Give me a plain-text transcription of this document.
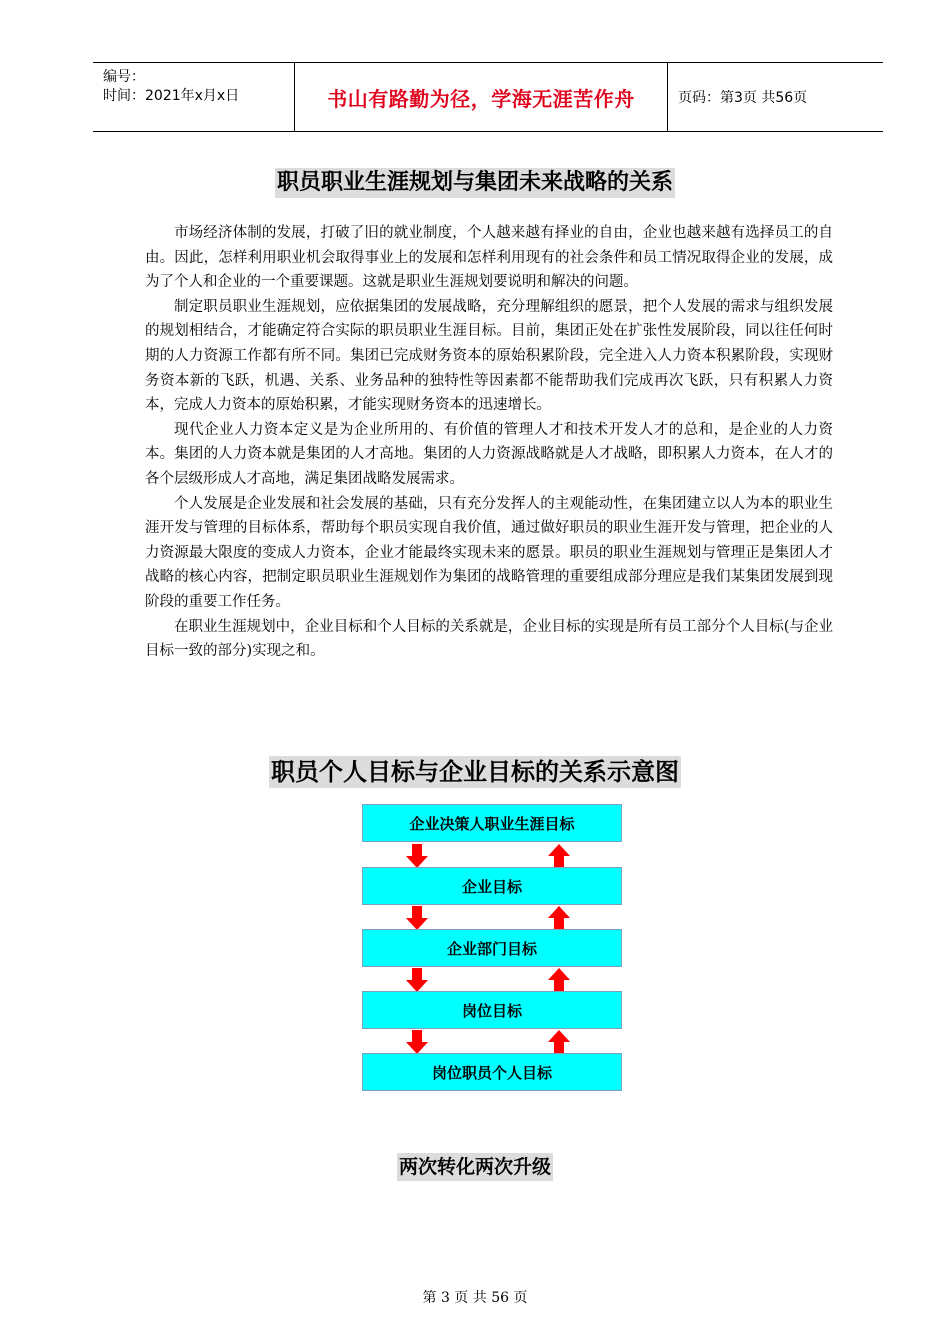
编号：
时间：2021年x月x日	书山有路勤为径，学海无涯苦作舟	页码：第3页 共56页
职员职业生涯规划与集团未来战略的关系

市场经济体制的发展，打破了旧的就业制度，个人越来越有择业的自由，企业也越来越有选择员工的自由。因此，怎样利用职业机会取得事业上的发展和怎样利用现有的社会条件和员工情况取得企业的发展，成为了个人和企业的一个重要课题。这就是职业生涯规划要说明和解决的问题。

制定职员职业生涯规划，应依据集团的发展战略，充分理解组织的愿景，把个人发展的需求与组织发展的规划相结合，才能确定符合实际的职员职业生涯目标。目前，集团正处在扩张性发展阶段，同以往任何时期的人力资源工作都有所不同。集团已完成财务资本的原始积累阶段，完全进入人力资本积累阶段，实现财务资本新的飞跃，机遇、关系、业务品种的独特性等因素都不能帮助我们完成再次飞跃，只有积累人力资本，完成人力资本的原始积累，才能实现财务资本的迅速增长。

现代企业人力资本定义是为企业所用的、有价值的管理人才和技术开发人才的总和，是企业的人力资本。集团的人力资本就是集团的人才高地。集团的人力资源战略就是人才战略，即积累人力资本，在人才的各个层级形成人才高地，满足集团战略发展需求。

个人发展是企业发展和社会发展的基础，只有充分发挥人的主观能动性，在集团建立以人为本的职业生涯开发与管理的目标体系，帮助每个职员实现自我价值，通过做好职员的职业生涯开发与管理，把企业的人力资源最大限度的变成人力资本，企业才能最终实现未来的愿景。职员的职业生涯规划与管理正是集团人才战略的核心内容，把制定职员职业生涯规划作为集团的战略管理的重要组成部分理应是我们某集团发展到现阶段的重要工作任务。

在职业生涯规划中，企业目标和个人目标的关系就是，企业目标的实现是所有员工部分个人目标(与企业目标一致的部分)实现之和。

职员个人目标与企业目标的关系示意图
企业决策人职业生涯目标
企业目标
企业部门目标
岗位目标
岗位职员个人目标
两次转化两次升级
第 3 页 共 56 页
